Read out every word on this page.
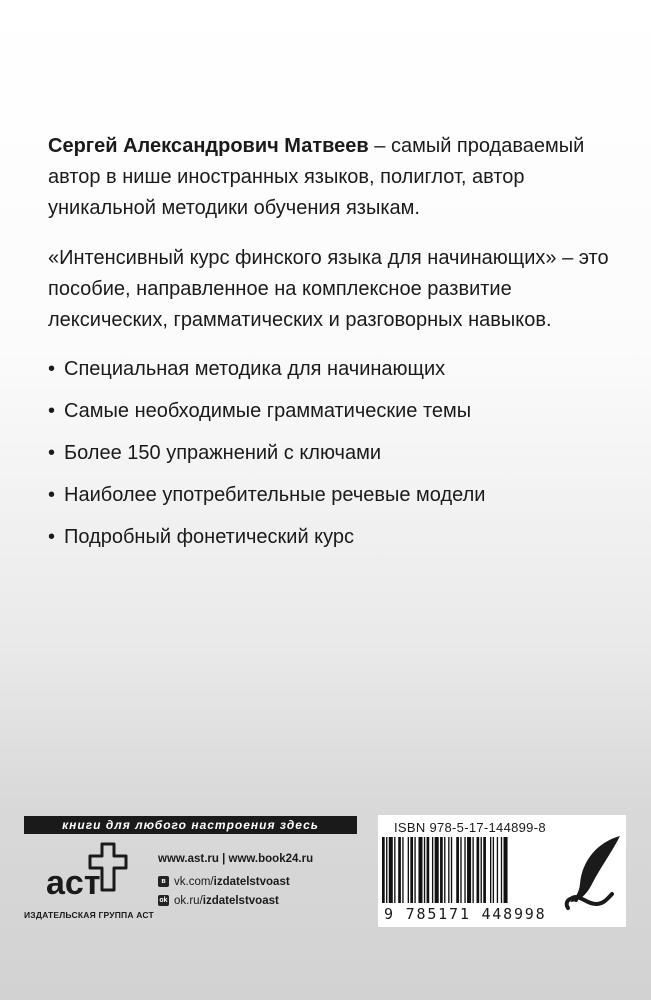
Сергей Александрович Матвеев – самый продаваемый автор в нише иностранных языков, полиглот, автор уникальной методики обучения языкам.
«Интенсивный курс финского языка для начинающих» – это пособие, направленное на комплексное развитие лексических, грамматических и разговорных навыков.
• Специальная методика для начинающих
• Самые необходимые грамматические темы
• Более 150 упражнений с ключами
• Наиболее употребительные речевые модели
• Подробный фонетический курс
книги для любого настроения здесь
аст
ИЗДАТЕЛЬСКАЯ ГРУППА АСТ
www.ast.ru | www.book24.ru
в vk.com/ izdatelstvoast
ok ok.ru/ izdatelstvoast
ISBN 978-5-17-144899-8
9 785171 448998
